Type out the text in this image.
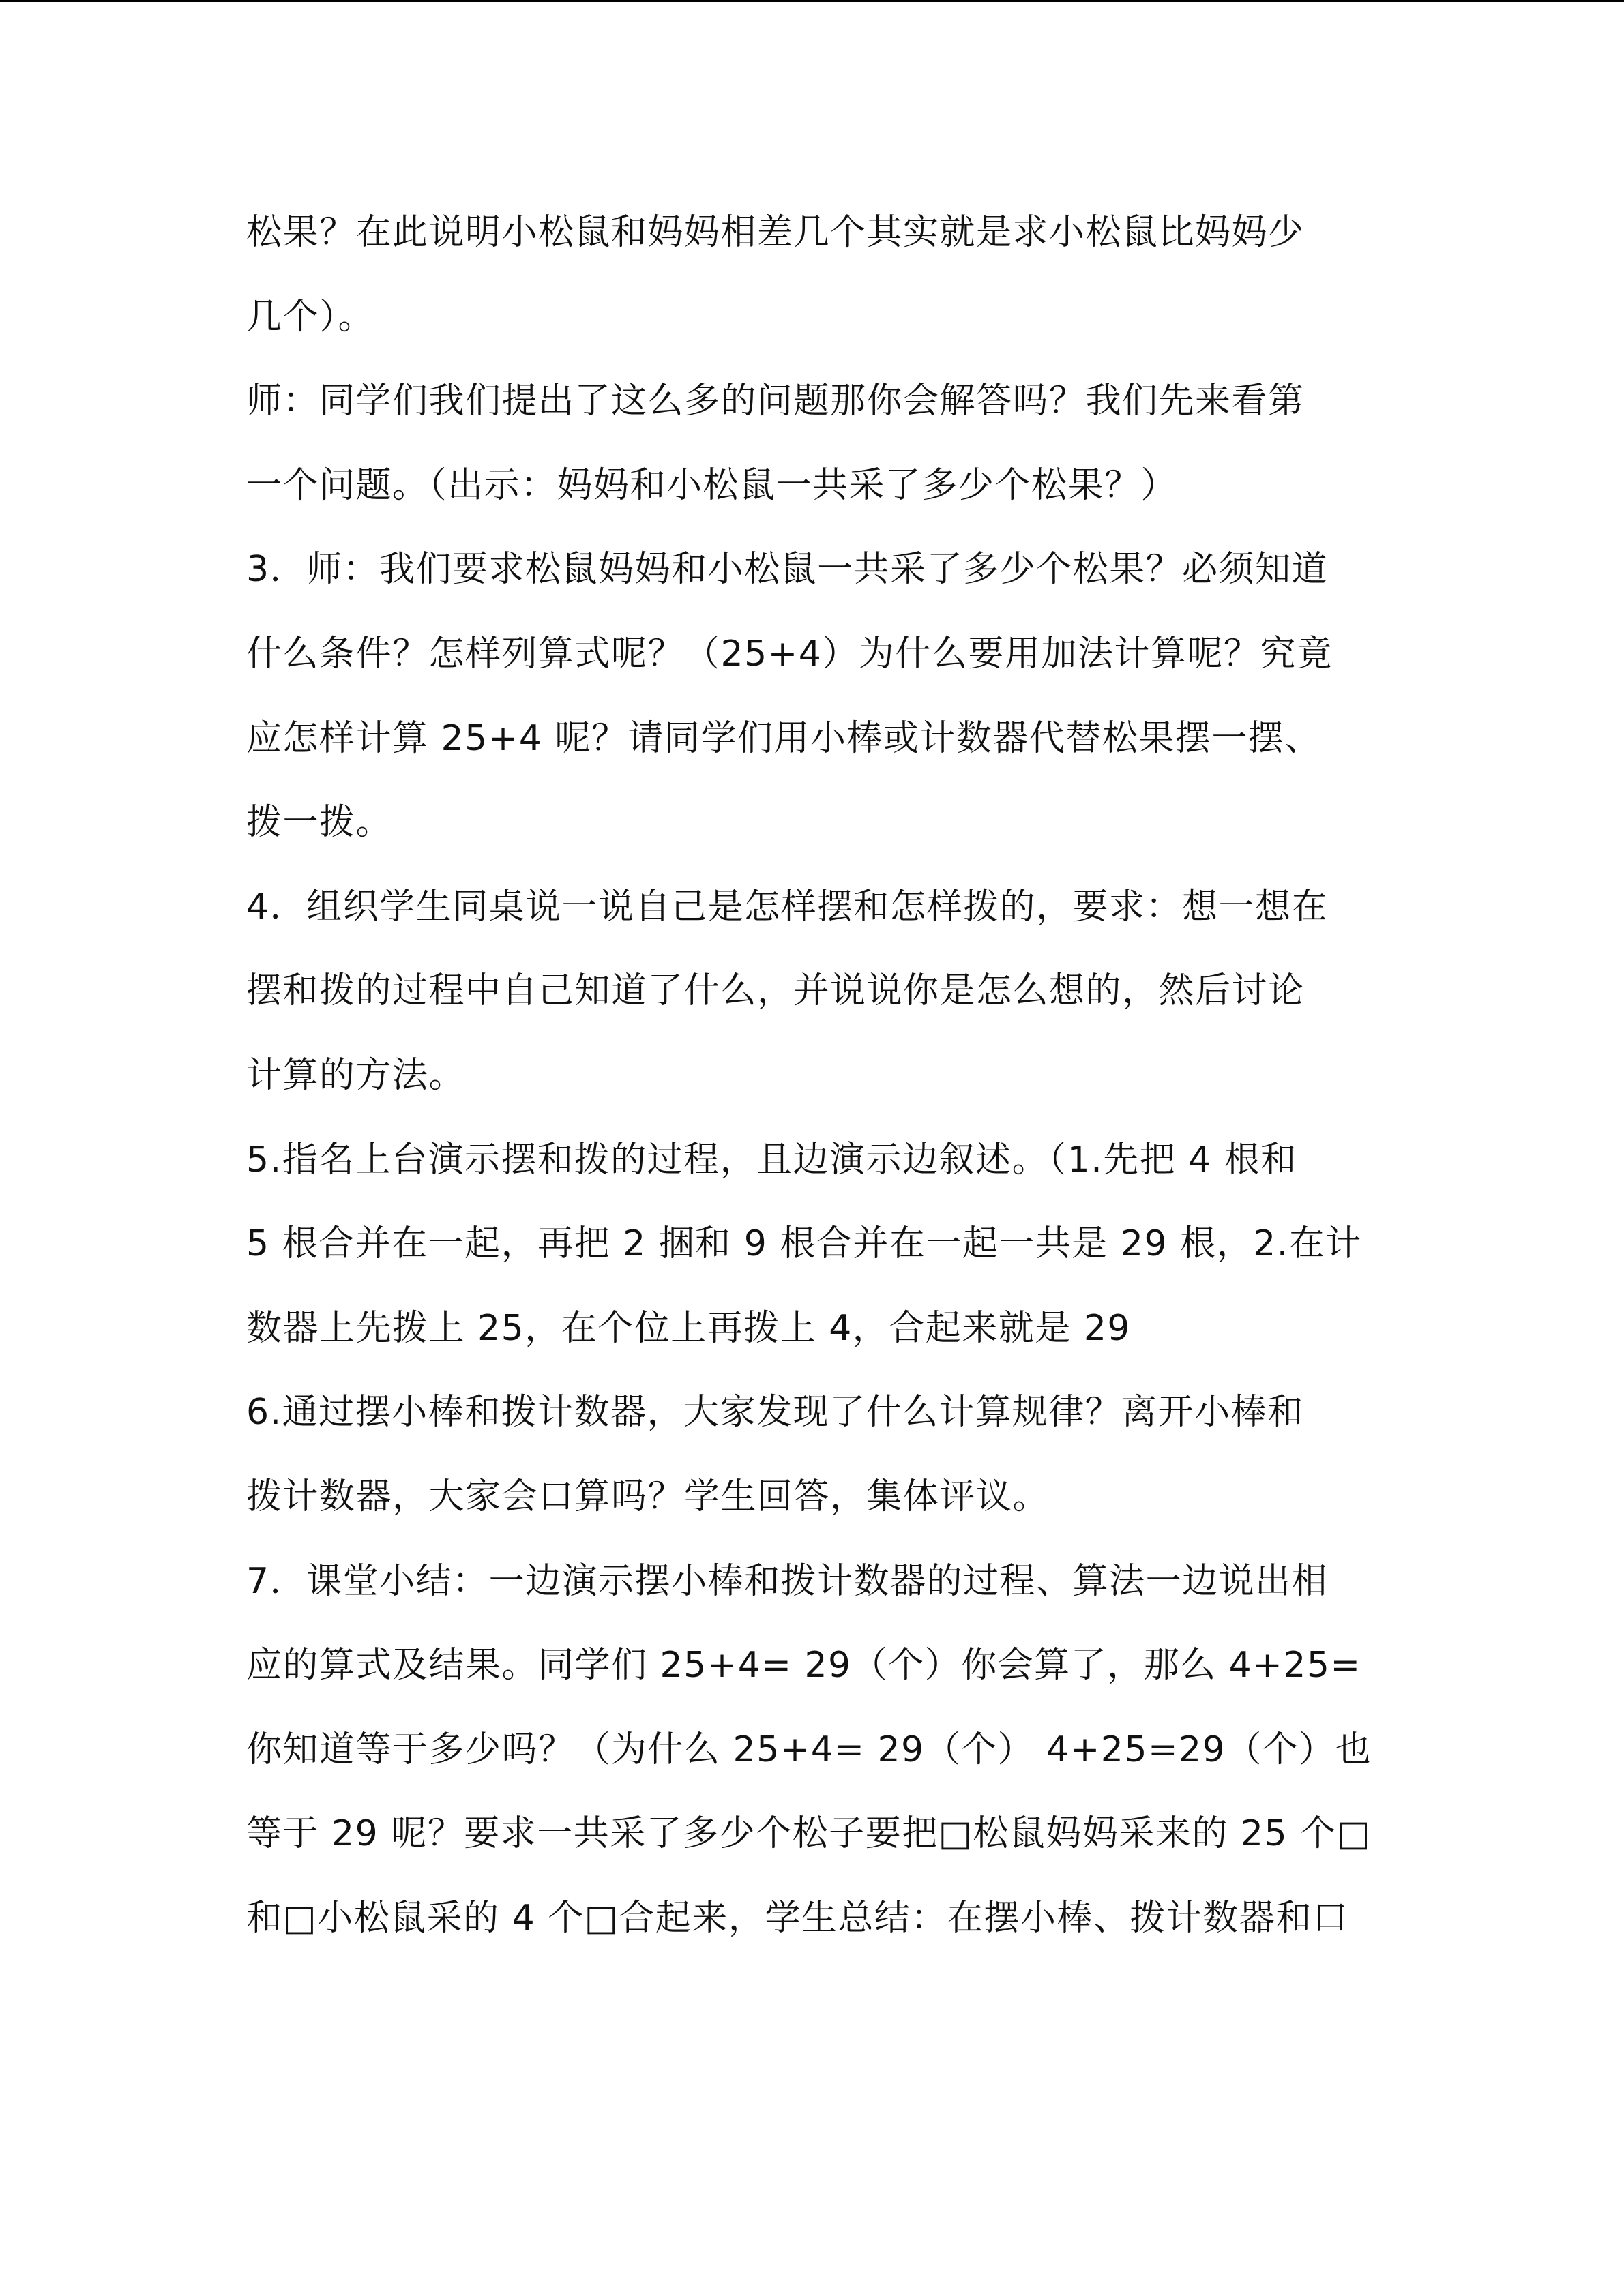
松果？在此说明小松鼠和妈妈相差几个其实就是求小松鼠比妈妈少
几个）。
师：同学们我们提出了这么多的问题那你会解答吗？我们先来看第
一个问题。（出示：妈妈和小松鼠一共采了多少个松果？）
3．师：我们要求松鼠妈妈和小松鼠一共采了多少个松果？必须知道
什么条件？怎样列算式呢？（25+4）为什么要用加法计算呢？究竟
应怎样计算 25+4 呢？请同学们用小棒或计数器代替松果摆一摆、
拨一拨。
4．组织学生同桌说一说自己是怎样摆和怎样拨的，要求：想一想在
摆和拨的过程中自己知道了什么，并说说你是怎么想的，然后讨论
计算的方法。
5.指名上台演示摆和拨的过程，且边演示边叙述。（1.先把 4 根和
5 根合并在一起，再把 2 捆和 9 根合并在一起一共是 29 根，2.在计
数器上先拨上 25，在个位上再拨上 4，合起来就是 29
6.通过摆小棒和拨计数器，大家发现了什么计算规律？离开小棒和
拨计数器，大家会口算吗？学生回答，集体评议。
7．课堂小结：一边演示摆小棒和拨计数器的过程、算法一边说出相
应的算式及结果。同学们 25+4= 29（个）你会算了，那么 4+25=
你知道等于多少吗？（为什么 25+4= 29（个） 4+25=29（个）也
等于 29 呢？要求一共采了多少个松子要把□松鼠妈妈采来的 25 个□
和□小松鼠采的 4 个□合起来，学生总结：在摆小棒、拨计数器和口
